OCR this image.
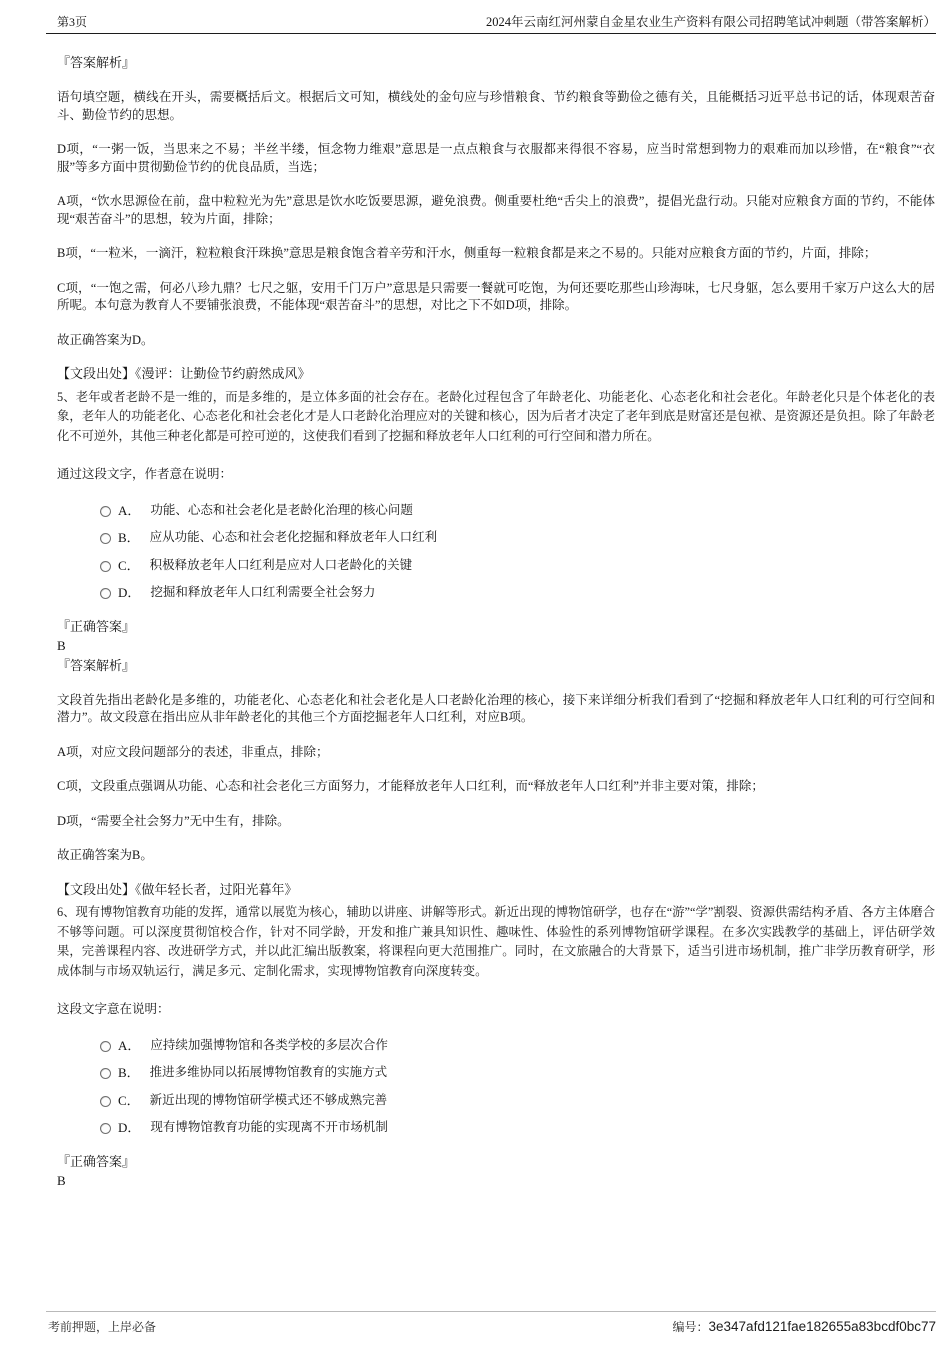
第3页	2024年云南红河州蒙自金星农业生产资料有限公司招聘笔试冲刺题（带答案解析）
『答案解析』

语句填空题，横线在开头，需要概括后文。根据后文可知，横线处的金句应与珍惜粮食、节约粮食等勤俭之德有关，且能概括习近平总书记的话，体现艰苦奋斗、勤俭节约的思想。

D项，“一粥一饭，当思来之不易；半丝半缕，恒念物力维艰”意思是一点点粮食与衣服都来得很不容易，应当时常想到物力的艰难而加以珍惜，在“粮食”“衣服”等多方面中贯彻勤俭节约的优良品质，当选；

A项，“饮水思源俭在前，盘中粒粒光为先”意思是饮水吃饭要思源，避免浪费。侧重要杜绝“舌尖上的浪费”，提倡光盘行动。只能对应粮食方面的节约，不能体现“艰苦奋斗”的思想，较为片面，排除；

B项，“一粒米，一滴汗，粒粒粮食汗珠换”意思是粮食饱含着辛劳和汗水，侧重每一粒粮食都是来之不易的。只能对应粮食方面的节约，片面，排除；

C项，“一饱之需，何必八珍九鼎？七尺之躯，安用千门万户”意思是只需要一餐就可吃饱，为何还要吃那些山珍海味，七尺身躯，怎么要用千家万户这么大的居所呢。本句意为教育人不要铺张浪费，不能体现“艰苦奋斗”的思想，对比之下不如D项，排除。

故正确答案为D。

【文段出处】《漫评：让勤俭节约蔚然成风》

5、老年或者老龄不是一维的，而是多维的，是立体多面的社会存在。老龄化过程包含了年龄老化、功能老化、心态老化和社会老化。年龄老化只是个体老化的表象，老年人的功能老化、心态老化和社会老化才是人口老龄化治理应对的关键和核心，因为后者才决定了老年到底是财富还是包袱、是资源还是负担。除了年龄老化不可逆外，其他三种老化都是可控可逆的，这使我们看到了挖掘和释放老年人口红利的可行空间和潜力所在。

通过这段文字，作者意在说明：

A． 功能、心态和社会老化是老龄化治理的核心问题
B． 应从功能、心态和社会老化挖掘和释放老年人口红利
C． 积极释放老年人口红利是应对人口老龄化的关键
D． 挖掘和释放老年人口红利需要全社会努力
『正确答案』
B
『答案解析』

文段首先指出老龄化是多维的，功能老化、心态老化和社会老化是人口老龄化治理的核心，接下来详细分析我们看到了“挖掘和释放老年人口红利的可行空间和潜力”。故文段意在指出应从非年龄老化的其他三个方面挖掘老年人口红利，对应B项。

A项，对应文段问题部分的表述，非重点，排除；

C项，文段重点强调从功能、心态和社会老化三方面努力，才能释放老年人口红利，而“释放老年人口红利”并非主要对策，排除；

D项，“需要全社会努力”无中生有，排除。

故正确答案为B。

【文段出处】《做年轻长者，过阳光暮年》

6、现有博物馆教育功能的发挥，通常以展览为核心，辅助以讲座、讲解等形式。新近出现的博物馆研学，也存在“游”“学”割裂、资源供需结构矛盾、各方主体磨合不够等问题。可以深度贯彻馆校合作，针对不同学龄，开发和推广兼具知识性、趣味性、体验性的系列博物馆研学课程。在多次实践教学的基础上，评估研学效果，完善课程内容、改进研学方式，并以此汇编出版教案，将课程向更大范围推广。同时，在文旅融合的大背景下，适当引进市场机制，推广非学历教育研学，形成体制与市场双轨运行，满足多元、定制化需求，实现博物馆教育向深度转变。

这段文字意在说明：

A． 应持续加强博物馆和各类学校的多层次合作
B． 推进多维协同以拓展博物馆教育的实施方式
C． 新近出现的博物馆研学模式还不够成熟完善
D． 现有博物馆教育功能的实现离不开市场机制
『正确答案』
B
考前押题，上岸必备	编号：3e347afd121fae182655a83bcdf0bc77
